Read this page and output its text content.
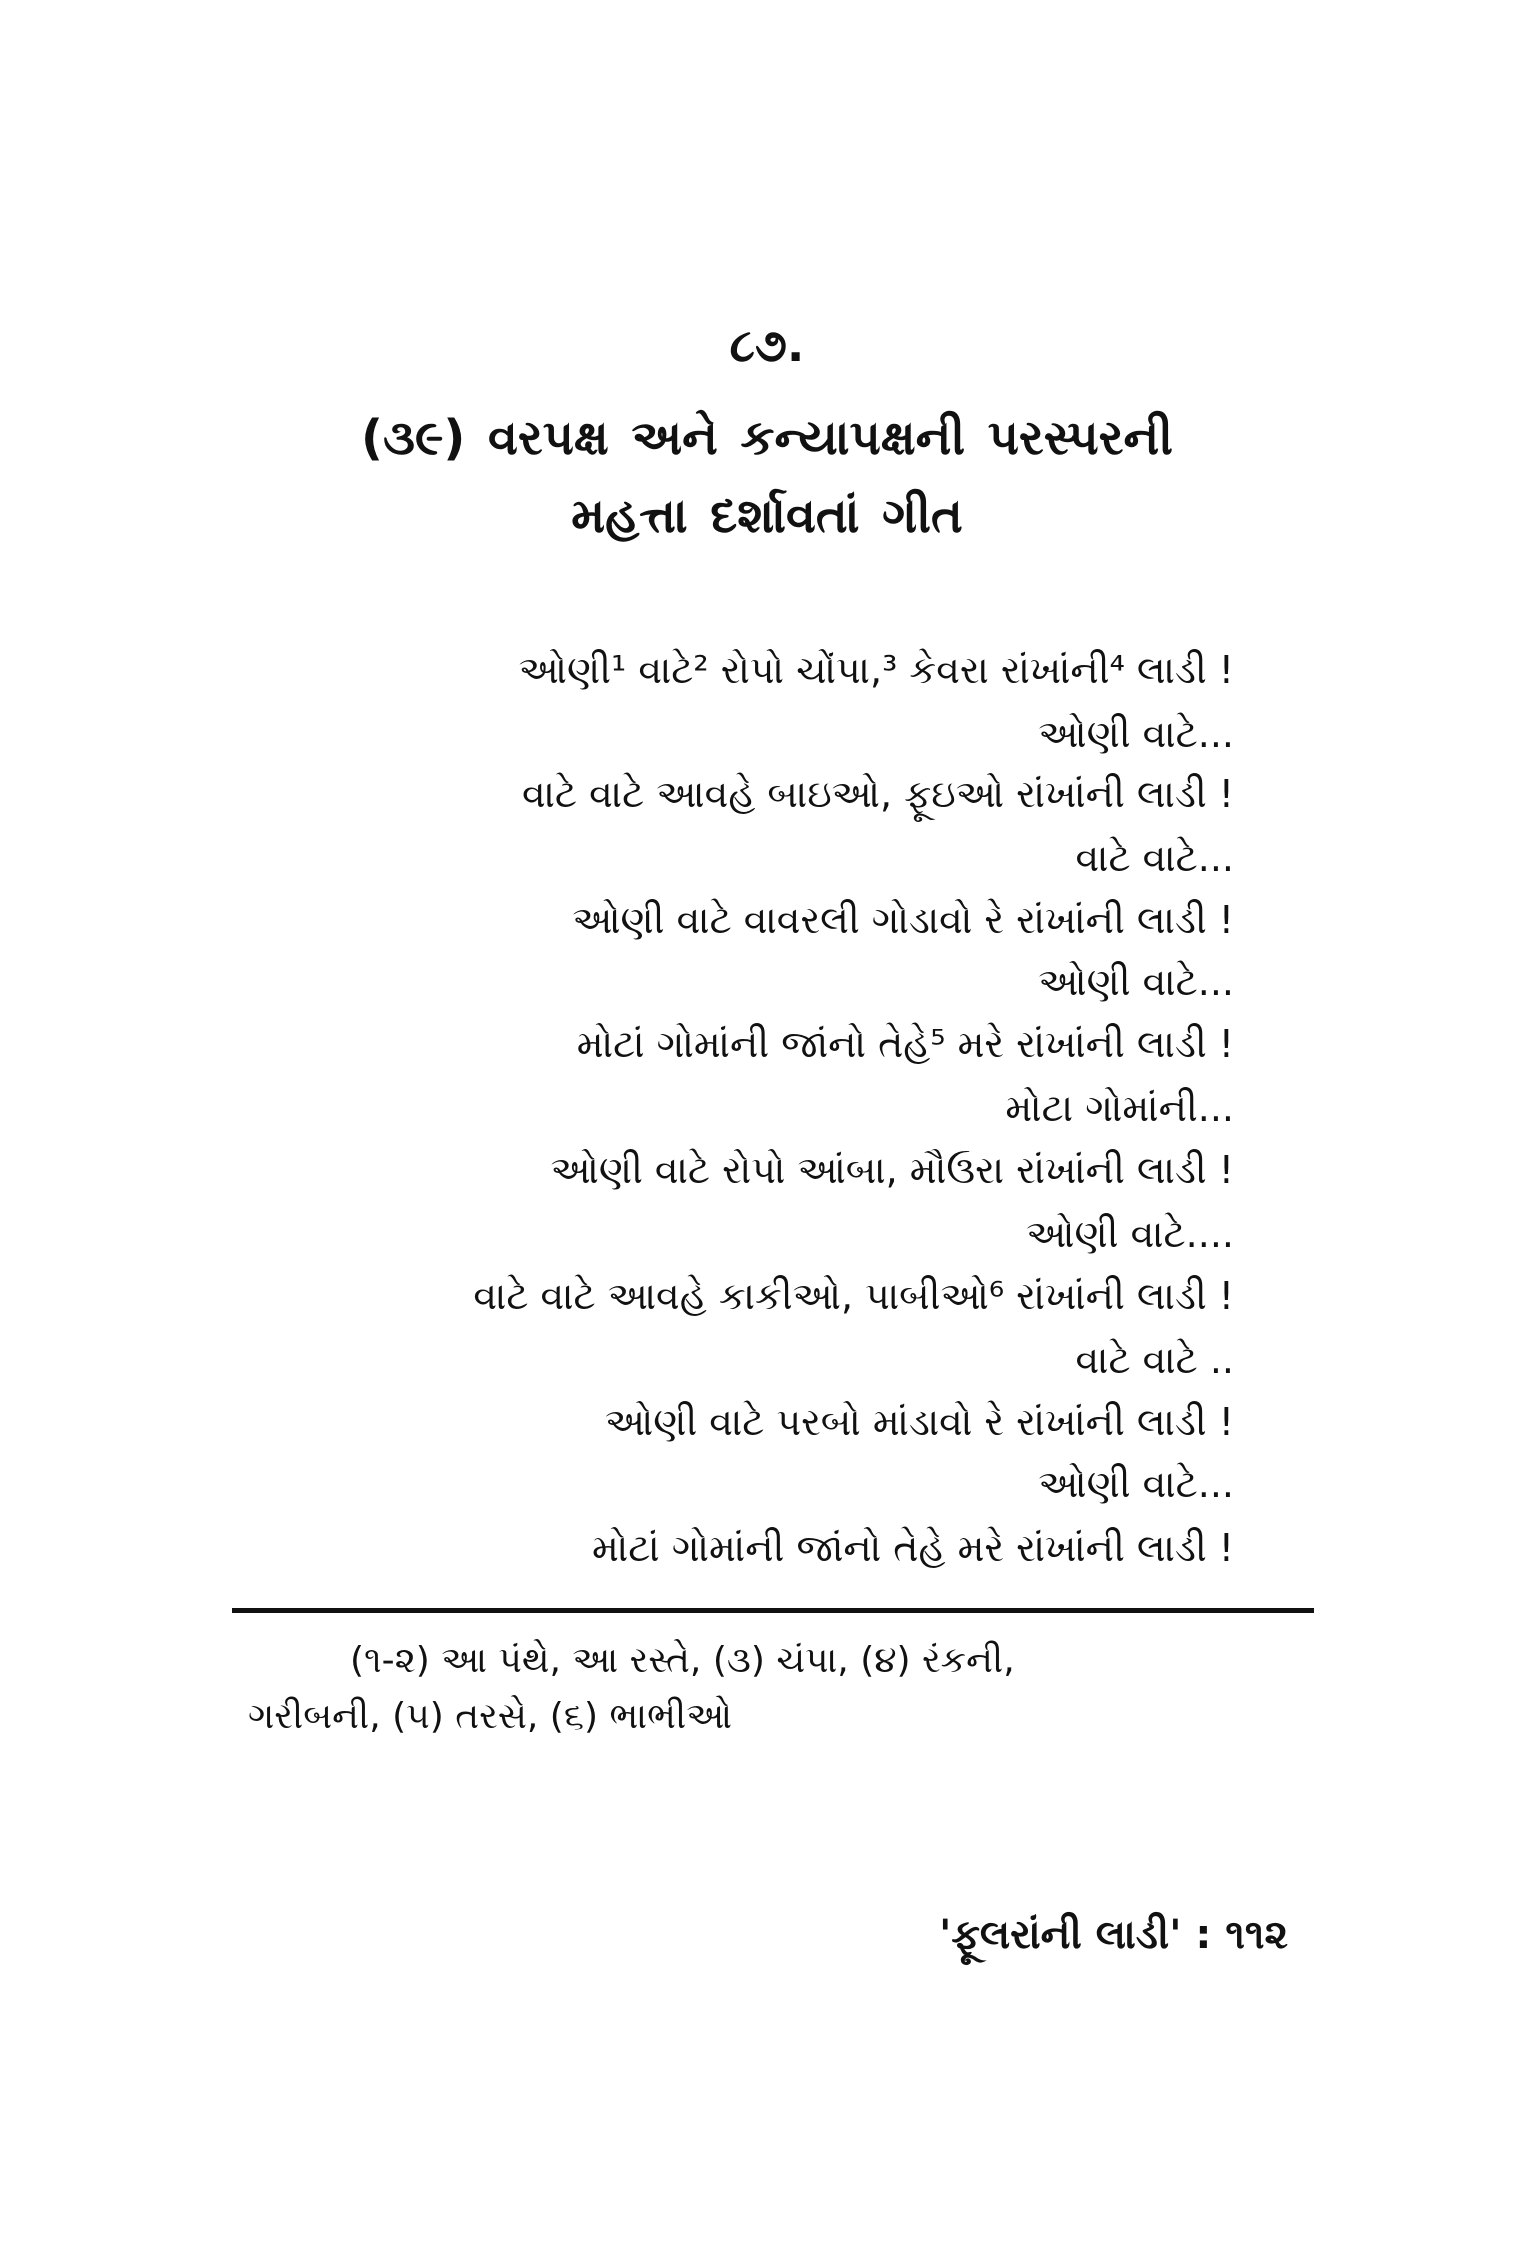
૮૭.
(૩૯) વરપક્ષ અને કન્યાપક્ષની પરસ્પરની
મહત્તા દર્શાવતાં ગીત
ઓણી¹ વાટે² રોપો ચોંપા,³ કેવરા રાંખાંની⁴ લાડી !
ઓણી વાટે...
વાટે વાટે આવહે બાઇઓ, ફૂઇઓ રાંખાંની લાડી !
વાટે વાટે...
ઓણી વાટે વાવરલી ગોડાવો રે રાંખાંની લાડી !
ઓણી વાટે...
મોટાં ગોમાંની જાંનો તેહે⁵ મરે રાંખાંની લાડી !
મોટા ગોમાંની...
ઓણી વાટે રોપો આંબા, મૌઉરા રાંખાંની લાડી !
ઓણી વાટે....
વાટે વાટે આવહે કાકીઓ, પાબીઓ⁶ રાંખાંની લાડી !
વાટે વાટે ..
ઓણી વાટે પરબો માંડાવો રે રાંખાંની લાડી !
ઓણી વાટે...
મોટાં ગોમાંની જાંનો તેહે મરે રાંખાંની લાડી !
(૧-૨) આ પંથે, આ રસ્તે, (૩) ચંપા, (૪) રંકની,
ગરીબની, (૫) તરસે, (૬) ભાભીઓ
'ફૂલરાંની લાડી' : ૧૧૨
